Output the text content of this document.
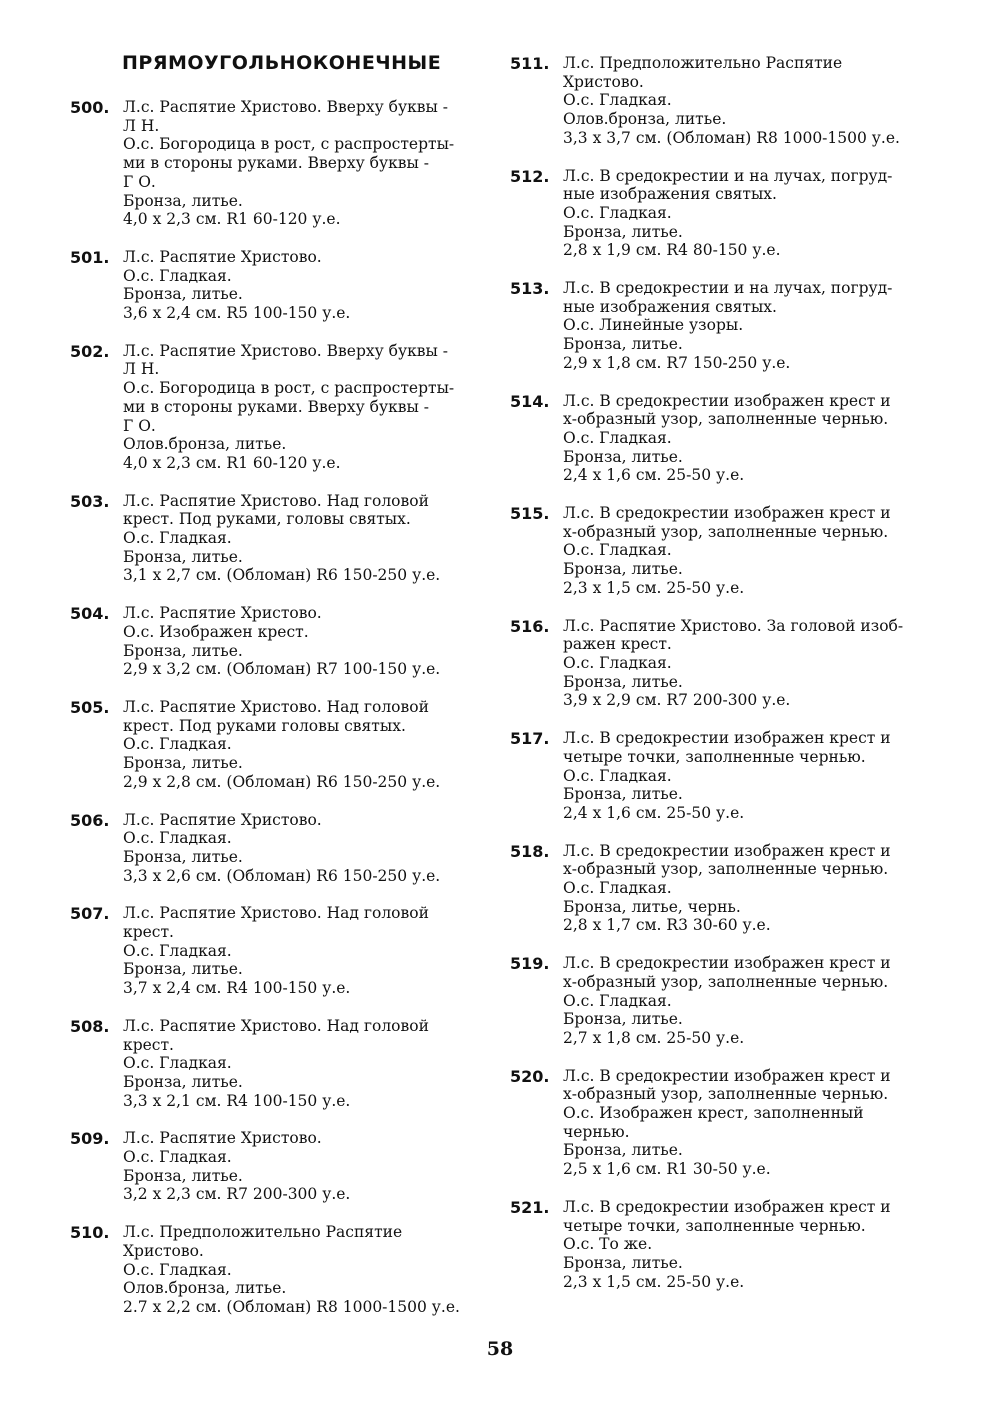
ПРЯМОУГОЛЬНОКОНЕЧНЫЕ
500. Л.с. Распятие Христово. Вверху буквы -
Л Н.
О.с. Богородица в рост, с распростерты-
ми в стороны руками. Вверху буквы -
Г О.
Бронза, литье.
4,0 x 2,3 см. R1 60-120 у.е.
501. Л.с. Распятие Христово.
О.с. Гладкая.
Бронза, литье.
3,6 x 2,4 см. R5 100-150 у.е.
502. Л.с. Распятие Христово. Вверху буквы -
Л Н.
О.с. Богородица в рост, с распростерты-
ми в стороны руками. Вверху буквы -
Г О.
Олов.бронза, литье.
4,0 x 2,3 см. R1 60-120 у.е.
503. Л.с. Распятие Христово. Над головой
крест. Под руками, головы святых.
О.с. Гладкая.
Бронза, литье.
3,1 x 2,7 см. (Обломан) R6 150-250 у.е.
504. Л.с. Распятие Христово.
О.с. Изображен крест.
Бронза, литье.
2,9 x 3,2 см. (Обломан) R7 100-150 у.е.
505. Л.с. Распятие Христово. Над головой
крест. Под руками головы святых.
О.с. Гладкая.
Бронза, литье.
2,9 x 2,8 см. (Обломан) R6 150-250 у.е.
506. Л.с. Распятие Христово.
О.с. Гладкая.
Бронза, литье.
3,3 x 2,6 см. (Обломан) R6 150-250 у.е.
507. Л.с. Распятие Христово. Над головой
крест.
О.с. Гладкая.
Бронза, литье.
3,7 x 2,4 см. R4 100-150 у.е.
508. Л.с. Распятие Христово. Над головой
крест.
О.с. Гладкая.
Бронза, литье.
3,3 x 2,1 см. R4 100-150 у.е.
509. Л.с. Распятие Христово.
О.с. Гладкая.
Бронза, литье.
3,2 x 2,3 см. R7 200-300 у.е.
510. Л.с. Предположительно Распятие
Христово.
О.с. Гладкая.
Олов.бронза, литье.
2.7 x 2,2 см. (Обломан) R8 1000-1500 у.е.
511. Л.с. Предположительно Распятие
Христово.
О.с. Гладкая.
Олов.бронза, литье.
3,3 x 3,7 см. (Обломан) R8 1000-1500 у.е.
512. Л.с. В средокрестии и на лучах, погруд-
ные изображения святых.
О.с. Гладкая.
Бронза, литье.
2,8 x 1,9 см. R4 80-150 у.е.
513. Л.с. В средокрестии и на лучах, погруд-
ные изображения святых.
О.с. Линейные узоры.
Бронза, литье.
2,9 x 1,8 см. R7 150-250 у.е.
514. Л.с. В средокрестии изображен крест и
х-образный узор, заполненные чернью.
О.с. Гладкая.
Бронза, литье.
2,4 x 1,6 см. 25-50 у.е.
515. Л.с. В средокрестии изображен крест и
х-образный узор, заполненные чернью.
О.с. Гладкая.
Бронза, литье.
2,3 x 1,5 см. 25-50 у.е.
516. Л.с. Распятие Христово. За головой изоб-
ражен крест.
О.с. Гладкая.
Бронза, литье.
3,9 x 2,9 см. R7 200-300 у.е.
517. Л.с. В средокрестии изображен крест и
четыре точки, заполненные чернью.
О.с. Гладкая.
Бронза, литье.
2,4 x 1,6 см. 25-50 у.е.
518. Л.с. В средокрестии изображен крест и
х-образный узор, заполненные чернью.
О.с. Гладкая.
Бронза, литье, чернь.
2,8 x 1,7 см. R3 30-60 у.е.
519. Л.с. В средокрестии изображен крест и
х-образный узор, заполненные чернью.
О.с. Гладкая.
Бронза, литье.
2,7 x 1,8 см. 25-50 у.е.
520. Л.с. В средокрестии изображен крест и
х-образный узор, заполненные чернью.
О.с. Изображен крест, заполненный
чернью.
Бронза, литье.
2,5 x 1,6 см. R1 30-50 у.е.
521. Л.с. В средокрестии изображен крест и
четыре точки, заполненные чернью.
О.с. То же.
Бронза, литье.
2,3 x 1,5 см. 25-50 у.е.
58
